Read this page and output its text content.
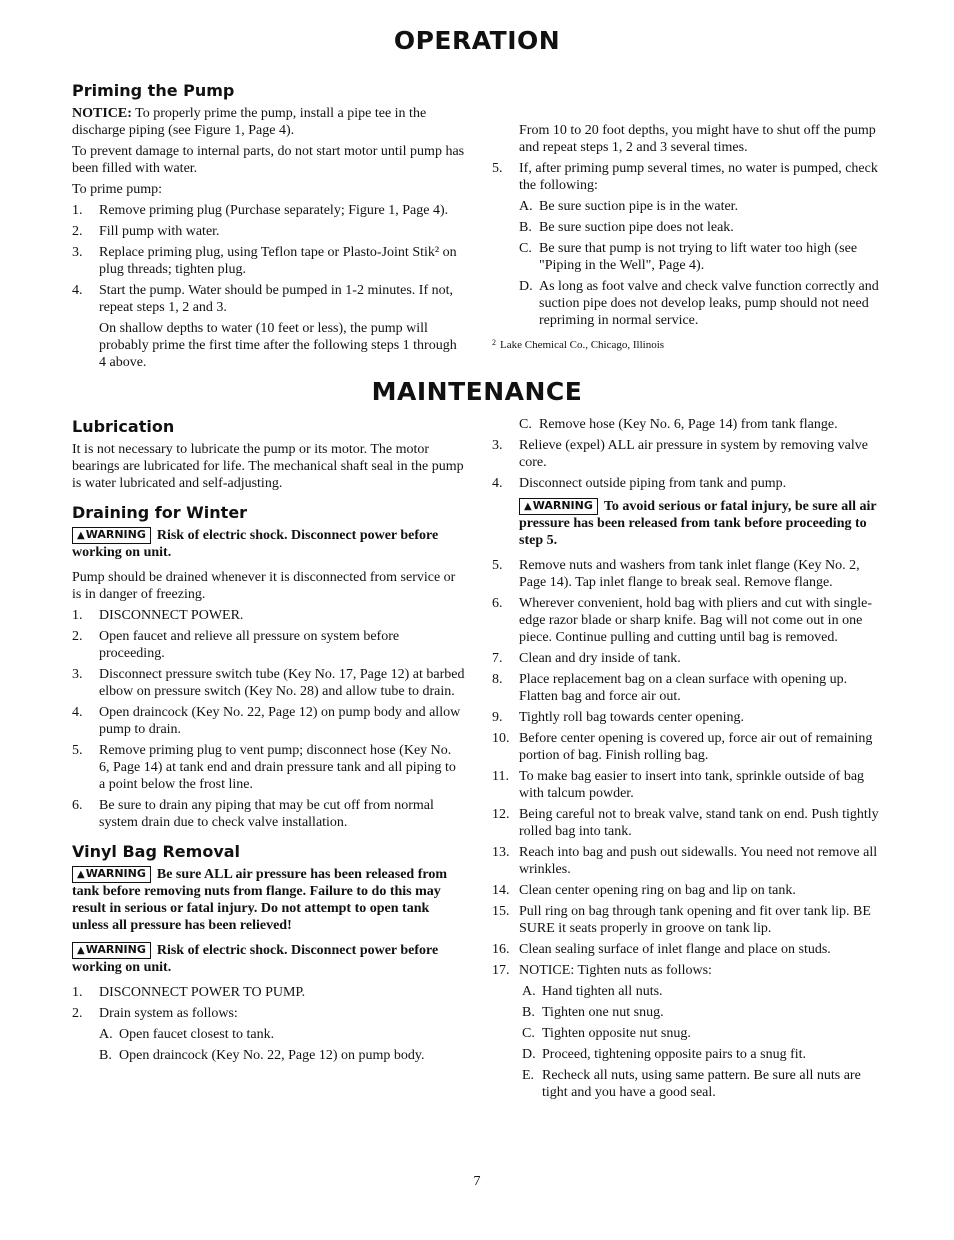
OPERATION
Priming the Pump

NOTICE: To properly prime the pump, install a pipe tee in the discharge piping (see Figure 1, Page 4).

To prevent damage to internal parts, do not start motor until pump has been filled with water.

To prime pump:

1. Remove priming plug (Purchase separately; Figure 1, Page 4).
2. Fill pump with water.
3. Replace priming plug, using Teflon tape or Plasto-Joint Stik² on plug threads; tighten plug.
4. Start the pump. Water should be pumped in 1-2 minutes. If not, repeat steps 1, 2 and 3.
On shallow depths to water (10 feet or less), the pump will probably prime the first time after the following steps 1 through 4 above.

From 10 to 20 foot depths, you might have to shut off the pump and repeat steps 1, 2 and 3 several times.

5. If, after priming pump several times, no water is pumped, check the following:
A. Be sure suction pipe is in the water.
B. Be sure suction pipe does not leak.
C. Be sure that pump is not trying to lift water too high (see "Piping in the Well", Page 4).
D. As long as foot valve and check valve function correctly and suction pipe does not develop leaks, pump should not need repriming in normal service.
2 Lake Chemical Co., Chicago, Illinois
MAINTENANCE
Lubrication

It is not necessary to lubricate the pump or its motor. The motor bearings are lubricated for life. The mechanical shaft seal in the pump is water lubricated and self-adjusting.

Draining for Winter
▲WARNING Risk of electric shock. Disconnect power before working on unit.

Pump should be drained whenever it is disconnected from service or is in danger of freezing.

1. DISCONNECT POWER.
2. Open faucet and relieve all pressure on system before proceeding.
3. Disconnect pressure switch tube (Key No. 17, Page 12) at barbed elbow on pressure switch (Key No. 28) and allow tube to drain.
4. Open draincock (Key No. 22, Page 12) on pump body and allow pump to drain.
5. Remove priming plug to vent pump; disconnect hose (Key No. 6, Page 14) at tank end and drain pressure tank and all piping to a point below the frost line.
6. Be sure to drain any piping that may be cut off from normal system drain due to check valve installation.
Vinyl Bag Removal
▲WARNING Be sure ALL air pressure has been released from tank before removing nuts from flange. Failure to do this may result in serious or fatal injury. Do not attempt to open tank unless all pressure has been relieved!
▲WARNING Risk of electric shock. Disconnect power before working on unit.
1. DISCONNECT POWER TO PUMP.
2. Drain system as follows:
A. Open faucet closest to tank.
B. Open draincock (Key No. 22, Page 12) on pump body.
C. Remove hose (Key No. 6, Page 14) from tank flange.
3. Relieve (expel) ALL air pressure in system by removing valve core.
4. Disconnect outside piping from tank and pump.
▲WARNING To avoid serious or fatal injury, be sure all air pressure has been released from tank before proceeding to step 5.
5. Remove nuts and washers from tank inlet flange (Key No. 2, Page 14). Tap inlet flange to break seal. Remove flange.
6. Wherever convenient, hold bag with pliers and cut with single-edge razor blade or sharp knife. Bag will not come out in one piece. Continue pulling and cutting until bag is removed.
7. Clean and dry inside of tank.
8. Place replacement bag on a clean surface with opening up. Flatten bag and force air out.
9. Tightly roll bag towards center opening.
10. Before center opening is covered up, force air out of remaining portion of bag. Finish rolling bag.
11. To make bag easier to insert into tank, sprinkle outside of bag with talcum powder.
12. Being careful not to break valve, stand tank on end. Push tightly rolled bag into tank.
13. Reach into bag and push out sidewalls. You need not remove all wrinkles.
14. Clean center opening ring on bag and lip on tank.
15. Pull ring on bag through tank opening and fit over tank lip. BE SURE it seats properly in groove on tank lip.
16. Clean sealing surface of inlet flange and place on studs.
17. NOTICE: Tighten nuts as follows:
A. Hand tighten all nuts.
B. Tighten one nut snug.
C. Tighten opposite nut snug.
D. Proceed, tightening opposite pairs to a snug fit.
E. Recheck all nuts, using same pattern. Be sure all nuts are tight and you have a good seal.
7
